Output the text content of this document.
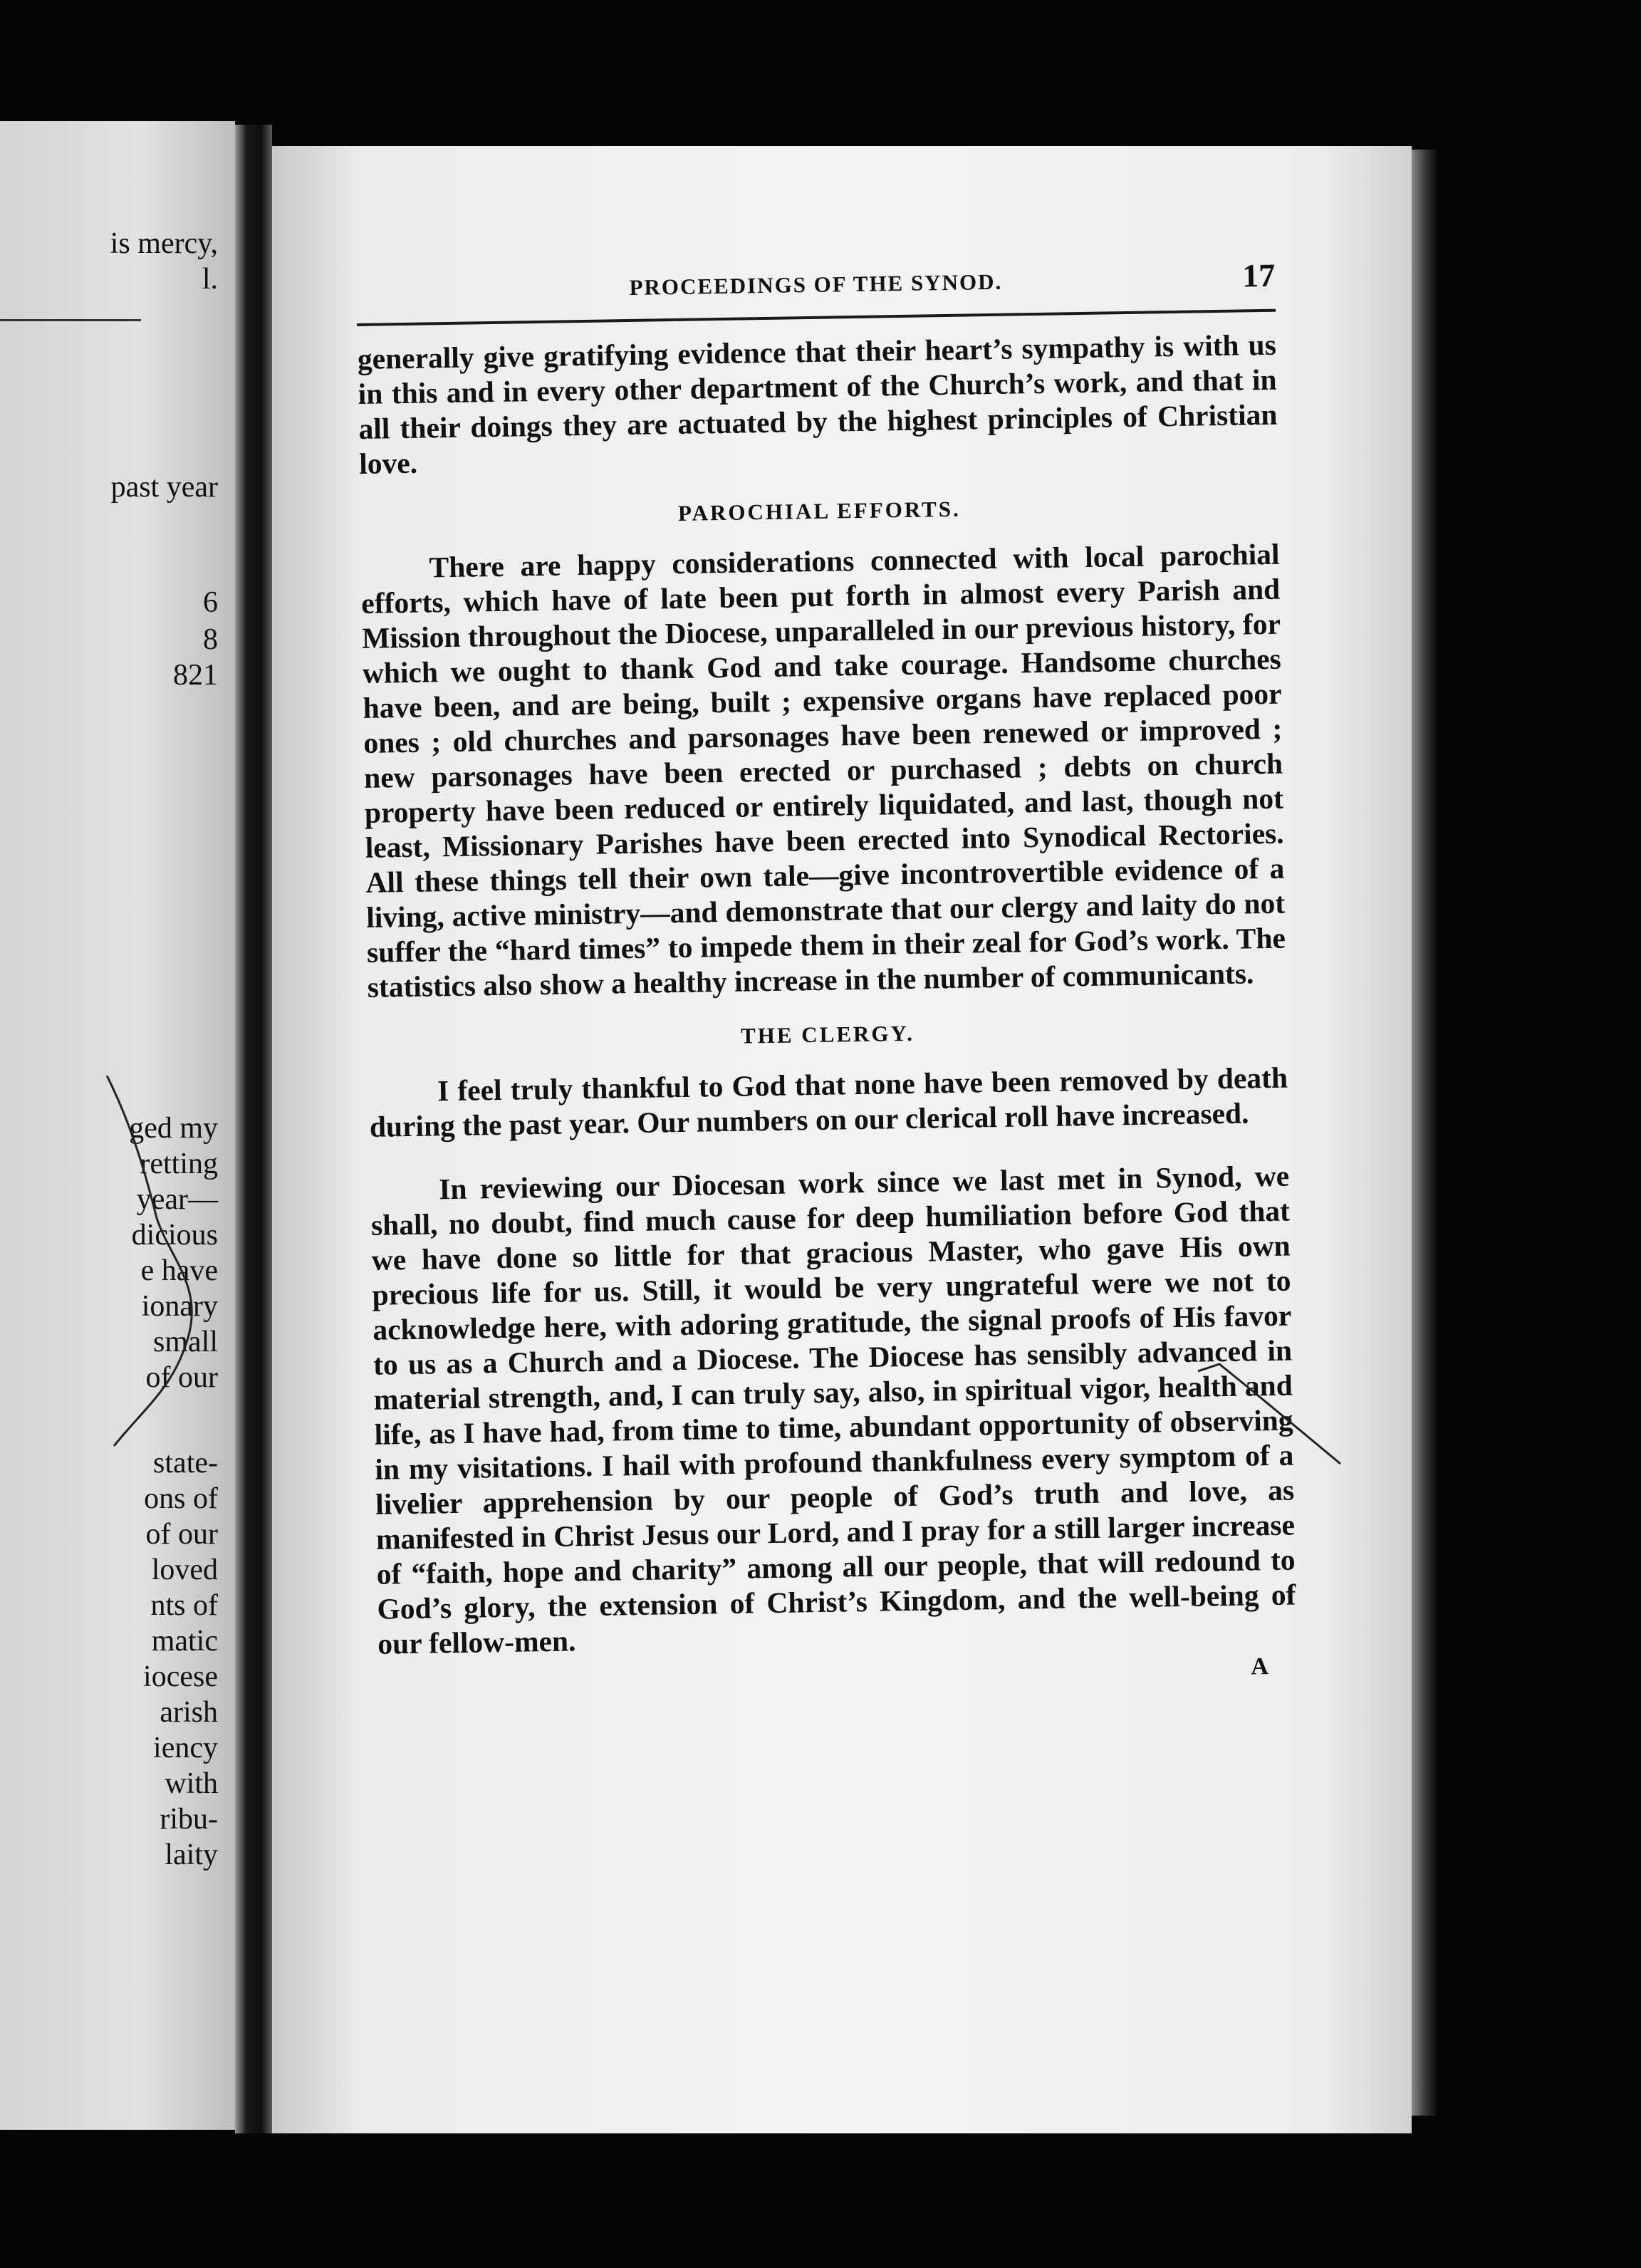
is mercy,
l.
past year
6
8
821
ged my
retting
year—
dicious
e have
ionary
small
of our
state-
ons of
of our
loved
nts of
matic
iocese
arish
iency
with
ribu-
laity
PROCEEDINGS OF THE SYNOD.	17

generally give gratifying evidence that their heart’s sympathy is with us in this and in every other department of the Church’s work, and that in all their doings they are actuated by the highest principles of Christian love.

PAROCHIAL EFFORTS.

There are happy considerations connected with local parochial efforts, which have of late been put forth in almost every Parish and Mission throughout the Diocese, unparalleled in our previous history, for which we ought to thank God and take courage. Handsome churches have been, and are being, built ; expensive organs have replaced poor ones ; old churches and parsonages have been renewed or improved ; new parsonages have been erected or purchased ; debts on church property have been reduced or entirely liquidated, and last, though not least, Missionary Parishes have been erected into Synodical Rectories. All these things tell their own tale—give incontrovertible evidence of a living, active ministry—and demonstrate that our clergy and laity do not suffer the “hard times” to impede them in their zeal for God’s work. The statistics also show a healthy increase in the number of communicants.

THE CLERGY.

I feel truly thankful to God that none have been removed by death during the past year. Our numbers on our clerical roll have increased.

In reviewing our Diocesan work since we last met in Synod, we shall, no doubt, find much cause for deep humiliation before God that we have done so little for that gracious Master, who gave His own precious life for us. Still, it would be very ungrateful were we not to acknowledge here, with adoring gratitude, the signal proofs of His favor to us as a Church and a Diocese. The Diocese has sensibly advanced in material strength, and, I can truly say, also, in spiritual vigor, health and life, as I have had, from time to time, abundant opportunity of observing in my visitations. I hail with profound thankfulness every symptom of a livelier apprehension by our people of God’s truth and love, as manifested in Christ Jesus our Lord, and I pray for a still larger increase of “faith, hope and charity” among all our people, that will redound to God’s glory, the extension of Christ’s Kingdom, and the well-being of our fellow-men.

A
